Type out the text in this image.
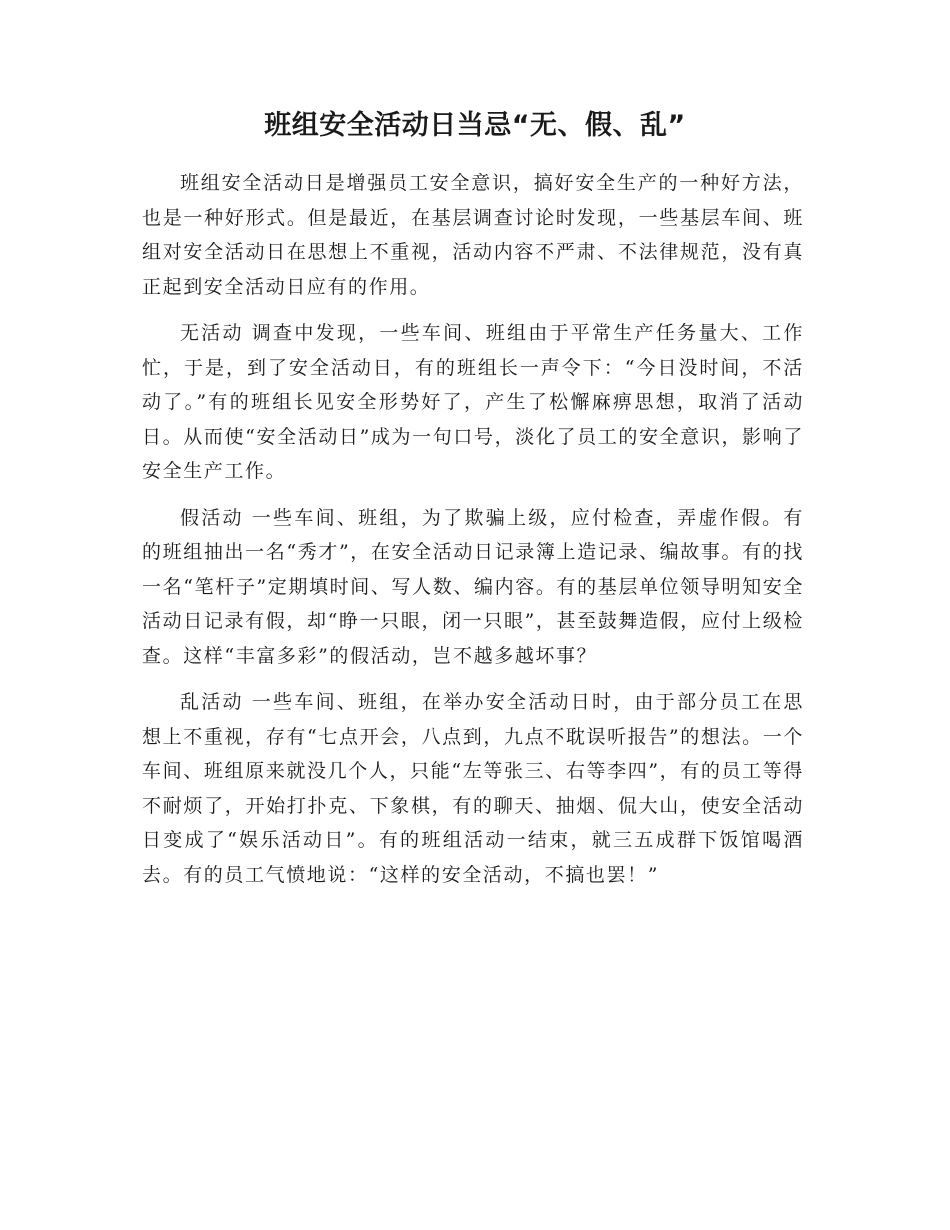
班组安全活动日当忌“无、假、乱”

班组安全活动日是增强员工安全意识，搞好安全生产的一种好方法，也是一种好形式。但是最近，在基层调查讨论时发现，一些基层车间、班组对安全活动日在思想上不重视，活动内容不严肃、不法律规范，没有真正起到安全活动日应有的作用。

无活动 调查中发现，一些车间、班组由于平常生产任务量大、工作忙，于是，到了安全活动日，有的班组长一声令下：“今日没时间，不活动了。”有的班组长见安全形势好了，产生了松懈麻痹思想，取消了活动日。从而使“安全活动日”成为一句口号，淡化了员工的安全意识，影响了安全生产工作。

假活动 一些车间、班组，为了欺骗上级，应付检查，弄虚作假。有的班组抽出一名“秀才”，在安全活动日记录簿上造记录、编故事。有的找一名“笔杆子”定期填时间、写人数、编内容。有的基层单位领导明知安全活动日记录有假，却“睁一只眼，闭一只眼”，甚至鼓舞造假，应付上级检查。这样“丰富多彩”的假活动，岂不越多越坏事？

乱活动 一些车间、班组，在举办安全活动日时，由于部分员工在思想上不重视，存有“七点开会，八点到，九点不耽误听报告”的想法。一个车间、班组原来就没几个人，只能“左等张三、右等李四”，有的员工等得不耐烦了，开始打扑克、下象棋，有的聊天、抽烟、侃大山，使安全活动日变成了“娱乐活动日”。有的班组活动一结束，就三五成群下饭馆喝酒去。有的员工气愤地说：“这样的安全活动，不搞也罢！”
